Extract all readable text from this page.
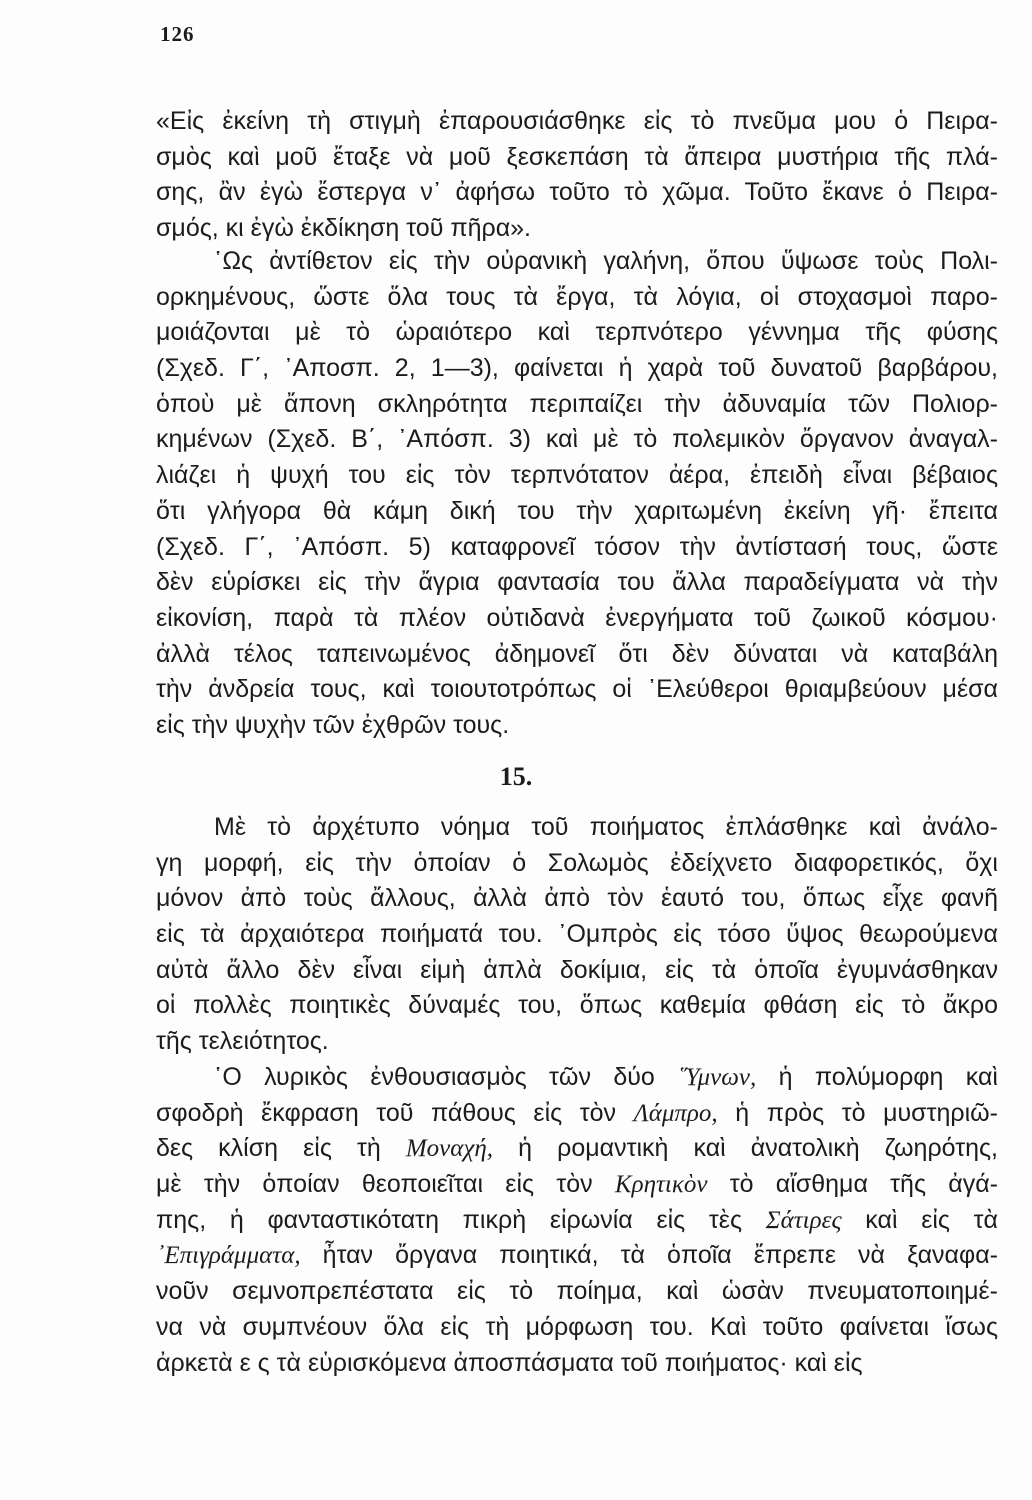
126
«Εἰς ἐκείνη τὴ στιγμὴ ἐπαρουσιάσθηκε εἰς τὸ πνεῦμα μου ὁ Πειρα-
σμὸς καὶ μοῦ ἔταξε νὰ μοῦ ξεσκεπάση τὰ ἄπειρα μυστήρια τῆς πλά-
σης, ἂν ἐγὼ ἔστεργα ν᾽ ἀφήσω τοῦτο τὸ χῶμα. Τοῦτο ἔκανε ὁ Πειρα-
σμός, κι ἐγὼ ἐκδίκηση τοῦ πῆρα».
῾Ως ἀντίθετον εἰς τὴν οὐρανικὴ γαλήνη, ὅπου ὕψωσε τοὺς Πολι-
ορκημένους, ὥστε ὅλα τους τὰ ἔργα, τὰ λόγια, οἱ στοχασμοὶ παρο-
μοιάζονται μὲ τὸ ὡραιότερο καὶ τερπνότερο γέννημα τῆς φύσης
(Σχεδ. Γ΄, ᾽Αποσπ. 2, 1—3), φαίνεται ἡ χαρὰ τοῦ δυνατοῦ βαρβάρου,
ὁποὺ μὲ ἄπονη σκληρότητα περιπαίζει τὴν ἀδυναμία τῶν Πολιορ-
κημένων (Σχεδ. Β΄, ᾽Απόσπ. 3) καὶ μὲ τὸ πολεμικὸν ὄργανον ἀναγαλ-
λιάζει ἡ ψυχή του εἰς τὸν τερπνότατον ἀέρα, ἐπειδὴ εἶναι βέβαιος
ὅτι γλήγορα θὰ κάμη δική του τὴν χαριτωμένη ἐκείνη γῆ· ἔπειτα
(Σχεδ. Γ΄, ᾽Απόσπ. 5) καταφρονεῖ τόσον τὴν ἀντίστασή τους, ὥστε
δὲν εὑρίσκει εἰς τὴν ἄγρια φαντασία του ἄλλα παραδείγματα νὰ τὴν
εἰκονίση, παρὰ τὰ πλέον οὐτιδανὰ ἐνεργήματα τοῦ ζωικοῦ κόσμου·
ἀλλὰ τέλος ταπεινωμένος ἀδημονεῖ ὅτι δὲν δύναται νὰ καταβάλη
τὴν ἀνδρεία τους, καὶ τοιουτοτρόπως οἱ ᾽Ελεύθεροι θριαμβεύουν μέσα
εἰς τὴν ψυχὴν τῶν ἐχθρῶν τους.
15.
Μὲ τὸ ἀρχέτυπο νόημα τοῦ ποιήματος ἐπλάσθηκε καὶ ἀνάλο-
γη μορφή, εἰς τὴν ὁποίαν ὁ Σολωμὸς ἐδείχνετο διαφορετικός, ὄχι
μόνον ἀπὸ τοὺς ἄλλους, ἀλλὰ ἀπὸ τὸν ἑαυτό του, ὅπως εἶχε φανῆ
εἰς τὰ ἀρχαιότερα ποιήματά του. ᾽Ομπρὸς εἰς τόσο ὕψος θεωρούμενα
αὐτὰ ἄλλο δὲν εἶναι εἰμὴ ἁπλὰ δοκίμια, εἰς τὰ ὁποῖα ἐγυμνάσθηκαν
οἱ πολλὲς ποιητικὲς δύναμές του, ὅπως καθεμία φθάση εἰς τὸ ἄκρο
τῆς τελειότητος.
῾Ο λυρικὸς ἐνθουσιασμὸς τῶν δύο ῞Υμνων, ἡ πολύμορφη καὶ
σφοδρὴ ἔκφραση τοῦ πάθους εἰς τὸν Λάμπρο, ἡ πρὸς τὸ μυστηριῶ-
δες κλίση εἰς τὴ Μοναχή, ἡ ρομαντικὴ καὶ ἀνατολικὴ ζωηρότης,
μὲ τὴν ὁποίαν θεοποιεῖται εἰς τὸν Κρητικὸν τὸ αἴσθημα τῆς ἀγά-
πης, ἡ φανταστικότατη πικρὴ εἰρωνία εἰς τὲς Σάτιρες καὶ εἰς τὰ
᾽Επιγράμματα, ἦταν ὄργανα ποιητικά, τὰ ὁποῖα ἔπρεπε νὰ ξαναφα-
νοῦν σεμνοπρεπέστατα εἰς τὸ ποίημα, καὶ ὡσὰν πνευματοποιημέ-
να νὰ συμπνέουν ὅλα εἰς τὴ μόρφωση του. Καὶ τοῦτο φαίνεται ἴσως
ἀρκετὰ ε ς τὰ εὑρισκόμενα ἀποσπάσματα τοῦ ποιήματος· καὶ εἰς
